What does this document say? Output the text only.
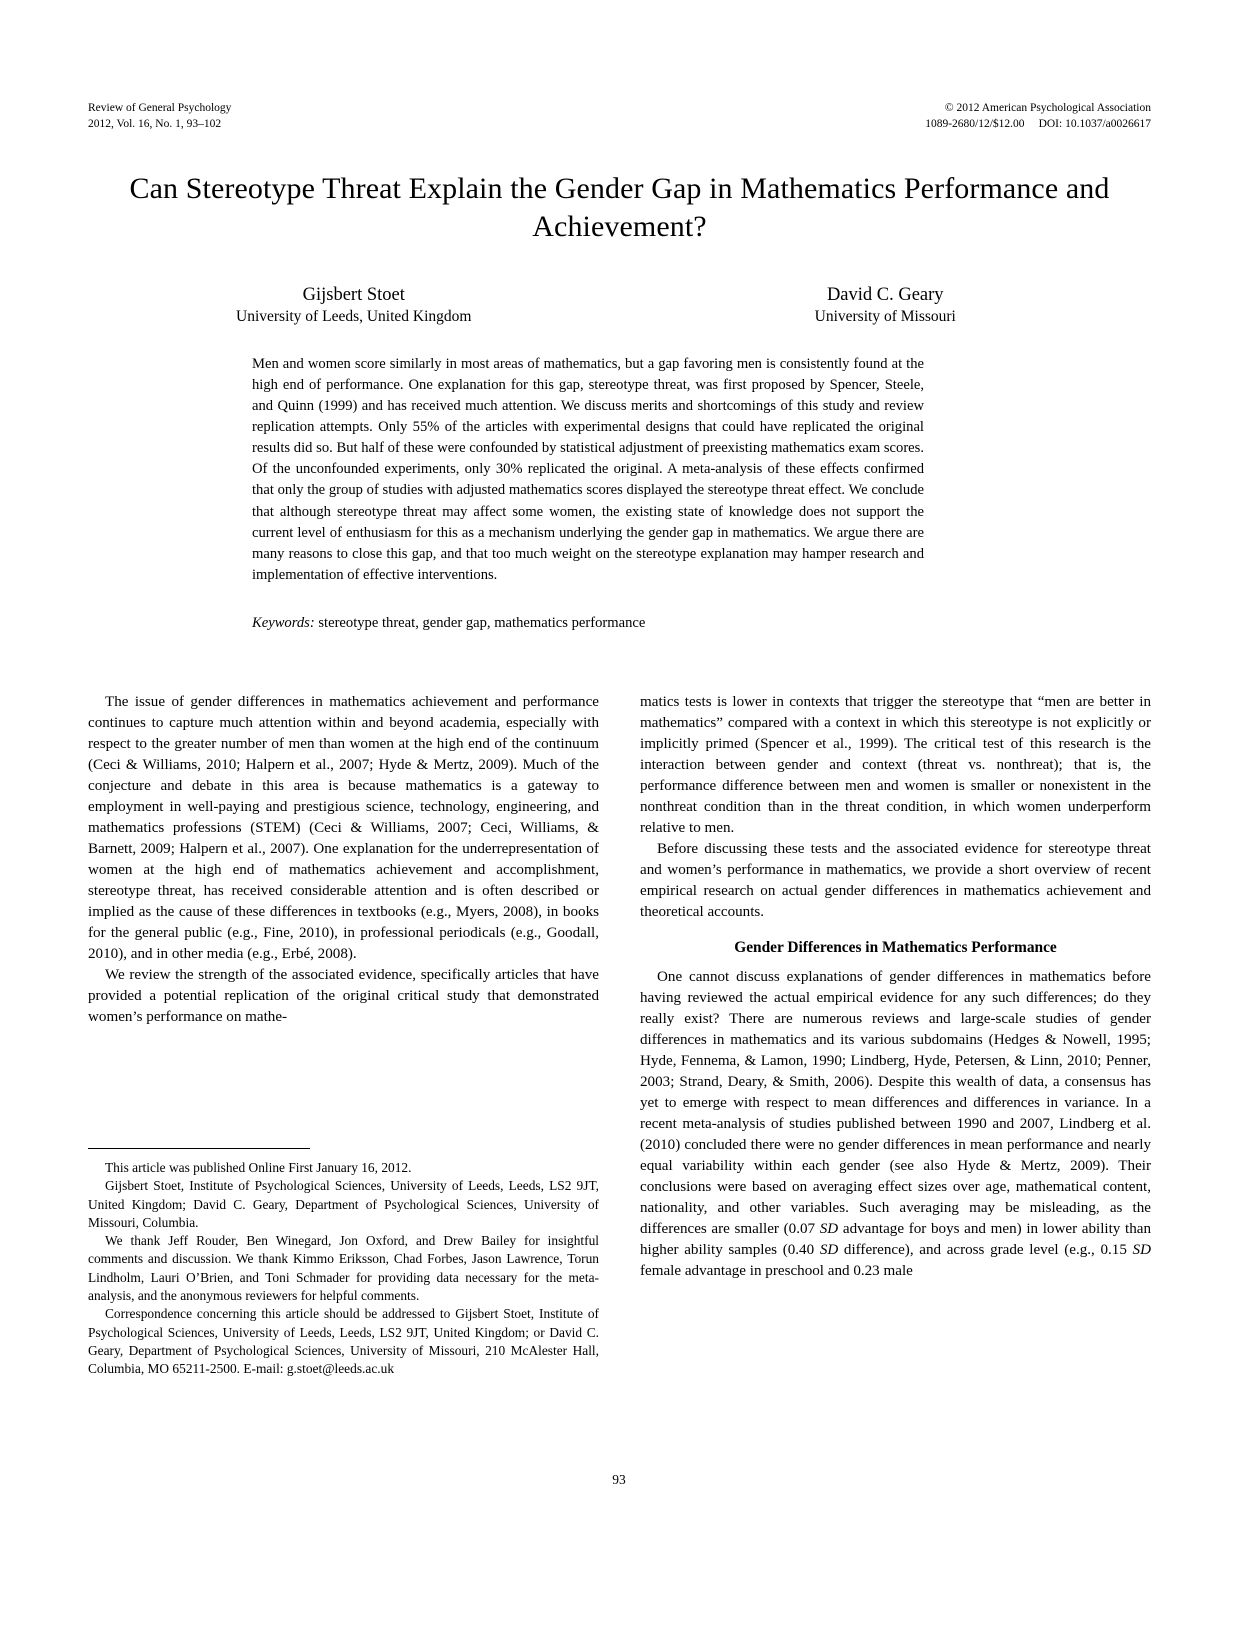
Review of General Psychology
2012, Vol. 16, No. 1, 93–102
© 2012 American Psychological Association
1089-2680/12/$12.00 DOI: 10.1037/a0026617
Can Stereotype Threat Explain the Gender Gap in Mathematics Performance and Achievement?
Gijsbert Stoet
University of Leeds, United Kingdom
David C. Geary
University of Missouri
Men and women score similarly in most areas of mathematics, but a gap favoring men is consistently found at the high end of performance. One explanation for this gap, stereotype threat, was first proposed by Spencer, Steele, and Quinn (1999) and has received much attention. We discuss merits and shortcomings of this study and review replication attempts. Only 55% of the articles with experimental designs that could have replicated the original results did so. But half of these were confounded by statistical adjustment of preexisting mathematics exam scores. Of the unconfounded experiments, only 30% replicated the original. A meta-analysis of these effects confirmed that only the group of studies with adjusted mathematics scores displayed the stereotype threat effect. We conclude that although stereotype threat may affect some women, the existing state of knowledge does not support the current level of enthusiasm for this as a mechanism underlying the gender gap in mathematics. We argue there are many reasons to close this gap, and that too much weight on the stereotype explanation may hamper research and implementation of effective interventions.
Keywords: stereotype threat, gender gap, mathematics performance

The issue of gender differences in mathematics achievement and performance continues to capture much attention within and beyond academia, especially with respect to the greater number of men than women at the high end of the continuum (Ceci & Williams, 2010; Halpern et al., 2007; Hyde & Mertz, 2009). Much of the conjecture and debate in this area is because mathematics is a gateway to employment in well-paying and prestigious science, technology, engineering, and mathematics professions (STEM) (Ceci & Williams, 2007; Ceci, Williams, & Barnett, 2009; Halpern et al., 2007). One explanation for the underrepresentation of women at the high end of mathematics achievement and accomplishment, stereotype threat, has received considerable attention and is often described or implied as the cause of these differences in textbooks (e.g., Myers, 2008), in books for the general public (e.g., Fine, 2010), in professional periodicals (e.g., Goodall, 2010), and in other media (e.g., Erbé, 2008).

We review the strength of the associated evidence, specifically articles that have provided a potential replication of the original critical study that demonstrated women’s performance on mathe-

This article was published Online First January 16, 2012.

Gijsbert Stoet, Institute of Psychological Sciences, University of Leeds, Leeds, LS2 9JT, United Kingdom; David C. Geary, Department of Psychological Sciences, University of Missouri, Columbia.

We thank Jeff Rouder, Ben Winegard, Jon Oxford, and Drew Bailey for insightful comments and discussion. We thank Kimmo Eriksson, Chad Forbes, Jason Lawrence, Torun Lindholm, Lauri O’Brien, and Toni Schmader for providing data necessary for the meta-analysis, and the anonymous reviewers for helpful comments.

Correspondence concerning this article should be addressed to Gijsbert Stoet, Institute of Psychological Sciences, University of Leeds, Leeds, LS2 9JT, United Kingdom; or David C. Geary, Department of Psychological Sciences, University of Missouri, 210 McAlester Hall, Columbia, MO 65211-2500. E-mail: g.stoet@leeds.ac.uk

matics tests is lower in contexts that trigger the stereotype that “men are better in mathematics” compared with a context in which this stereotype is not explicitly or implicitly primed (Spencer et al., 1999). The critical test of this research is the interaction between gender and context (threat vs. nonthreat); that is, the performance difference between men and women is smaller or nonexistent in the nonthreat condition than in the threat condition, in which women underperform relative to men.

Before discussing these tests and the associated evidence for stereotype threat and women’s performance in mathematics, we provide a short overview of recent empirical research on actual gender differences in mathematics achievement and theoretical accounts.

Gender Differences in Mathematics Performance

One cannot discuss explanations of gender differences in mathematics before having reviewed the actual empirical evidence for any such differences; do they really exist? There are numerous reviews and large-scale studies of gender differences in mathematics and its various subdomains (Hedges & Nowell, 1995; Hyde, Fennema, & Lamon, 1990; Lindberg, Hyde, Petersen, & Linn, 2010; Penner, 2003; Strand, Deary, & Smith, 2006). Despite this wealth of data, a consensus has yet to emerge with respect to mean differences and differences in variance. In a recent meta-analysis of studies published between 1990 and 2007, Lindberg et al. (2010) concluded there were no gender differences in mean performance and nearly equal variability within each gender (see also Hyde & Mertz, 2009). Their conclusions were based on averaging effect sizes over age, mathematical content, nationality, and other variables. Such averaging may be misleading, as the differences are smaller (0.07 SD advantage for boys and men) in lower ability than higher ability samples (0.40 SD difference), and across grade level (e.g., 0.15 SD female advantage in preschool and 0.23 male

93
